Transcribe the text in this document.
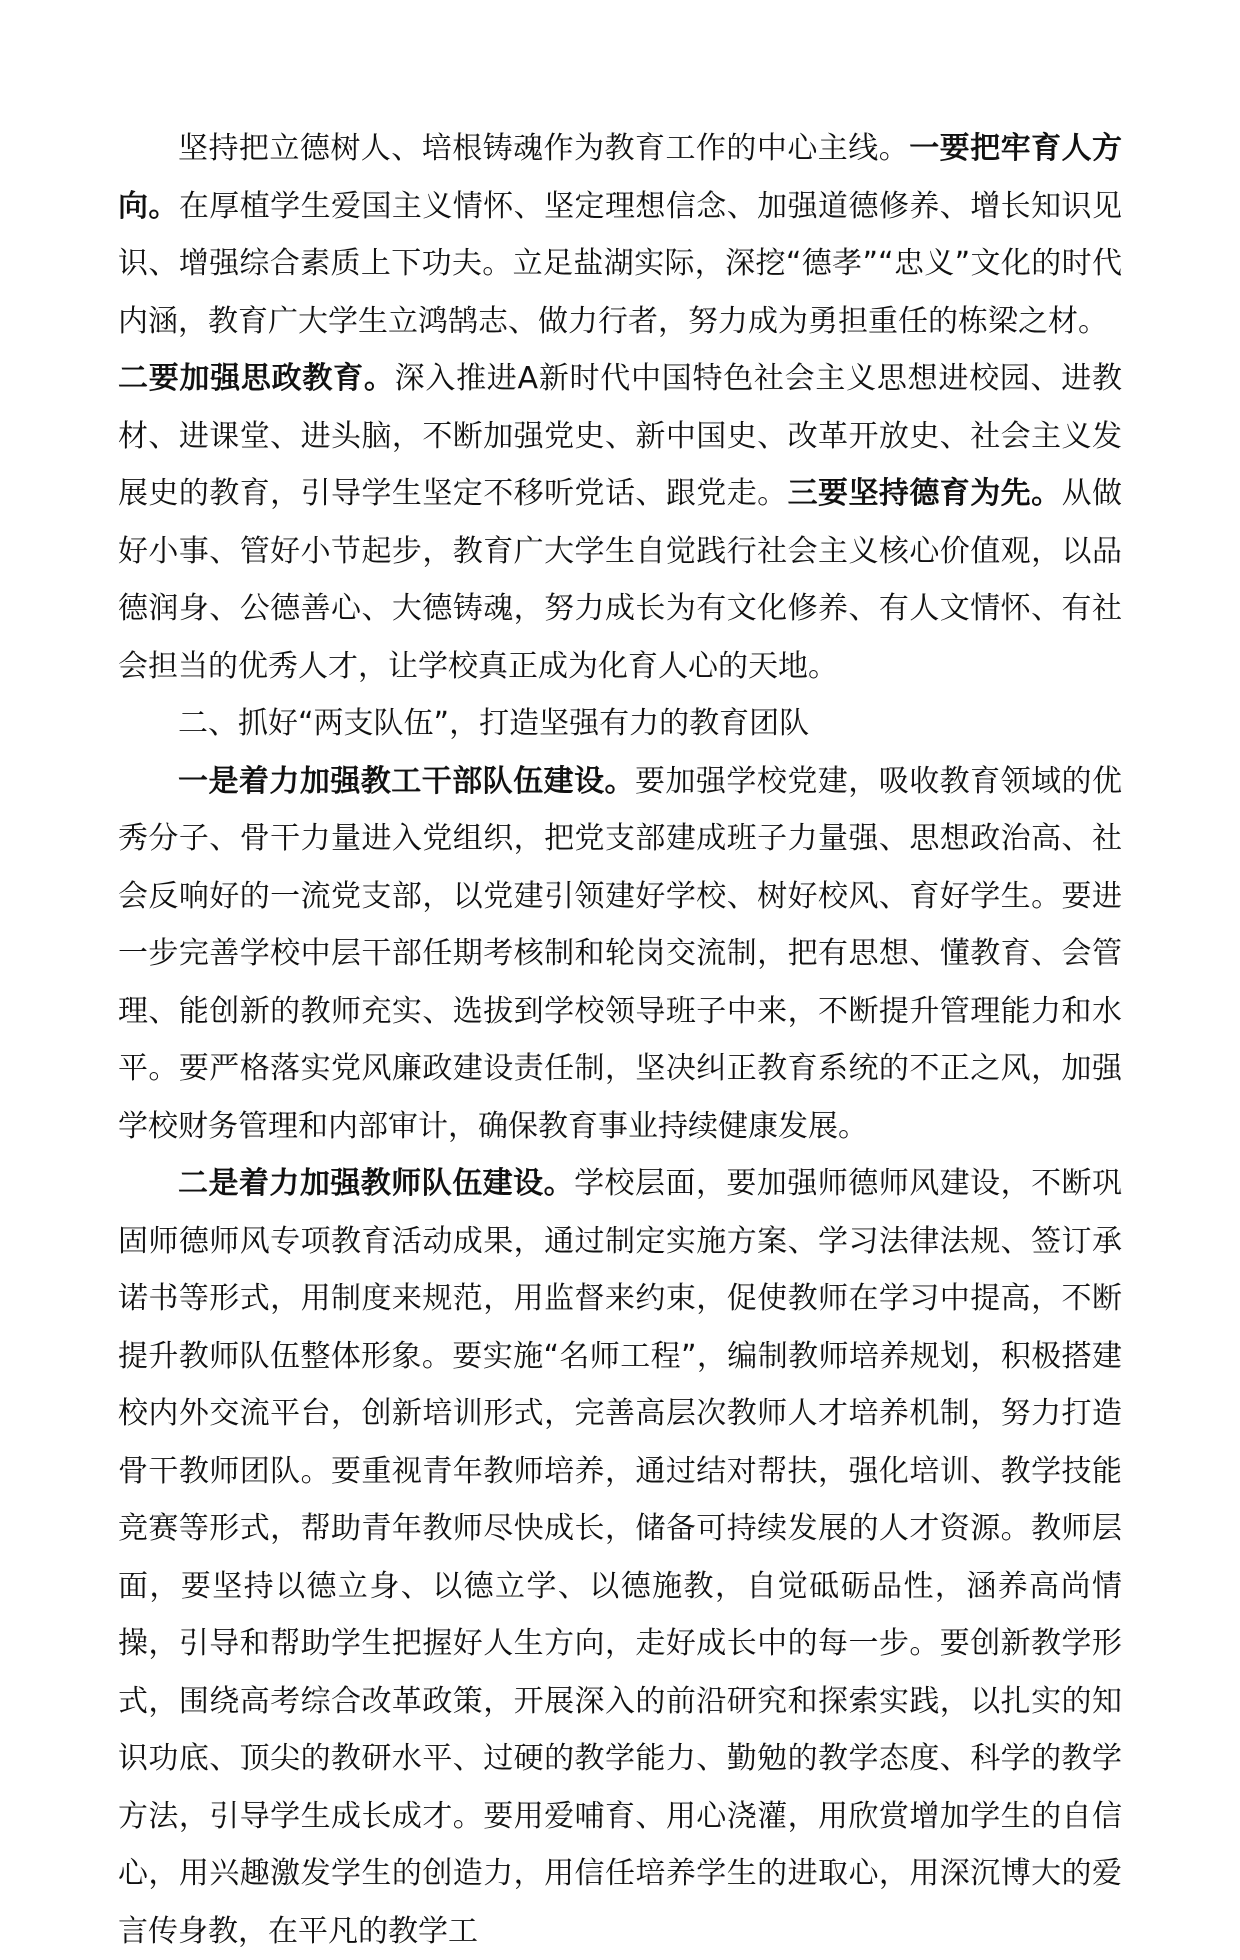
坚持把立德树人、培根铸魂作为教育工作的中心主线。一要把牢育人方向。在厚植学生爱国主义情怀、坚定理想信念、加强道德修养、增长知识见识、增强综合素质上下功夫。立足盐湖实际，深挖“德孝”“忠义”文化的时代内涵，教育广大学生立鸿鹄志、做力行者，努力成为勇担重任的栋梁之材。

二要加强思政教育。深入推进A新时代中国特色社会主义思想进校园、进教材、进课堂、进头脑，不断加强党史、新中国史、改革开放史、社会主义发展史的教育，引导学生坚定不移听党话、跟党走。三要坚持德育为先。从做好小事、管好小节起步，教育广大学生自觉践行社会主义核心价值观，以品德润身、公德善心、大德铸魂，努力成长为有文化修养、有人文情怀、有社会担当的优秀人才，让学校真正成为化育人心的天地。

二、抓好“两支队伍”，打造坚强有力的教育团队

一是着力加强教工干部队伍建设。要加强学校党建，吸收教育领域的优秀分子、骨干力量进入党组织，把党支部建成班子力量强、思想政治高、社会反响好的一流党支部，以党建引领建好学校、树好校风、育好学生。要进一步完善学校中层干部任期考核制和轮岗交流制，把有思想、懂教育、会管理、能创新的教师充实、选拔到学校领导班子中来，不断提升管理能力和水平。要严格落实党风廉政建设责任制，坚决纠正教育系统的不正之风，加强学校财务管理和内部审计，确保教育事业持续健康发展。

二是着力加强教师队伍建设。学校层面，要加强师德师风建设，不断巩固师德师风专项教育活动成果，通过制定实施方案、学习法律法规、签订承诺书等形式，用制度来规范，用监督来约束，促使教师在学习中提高，不断提升教师队伍整体形象。要实施“名师工程”，编制教师培养规划，积极搭建校内外交流平台，创新培训形式，完善高层次教师人才培养机制，努力打造骨干教师团队。要重视青年教师培养，通过结对帮扶，强化培训、教学技能竞赛等形式，帮助青年教师尽快成长，储备可持续发展的人才资源。教师层面，要坚持以德立身、以德立学、以德施教，自觉砥砺品性，涵养高尚情操，引导和帮助学生把握好人生方向，走好成长中的每一步。要创新教学形式，围绕高考综合改革政策，开展深入的前沿研究和探索实践，以扎实的知识功底、顶尖的教研水平、过硬的教学能力、勤勉的教学态度、科学的教学方法，引导学生成长成才。要用爱哺育、用心浇灌，用欣赏增加学生的自信心，用兴趣激发学生的创造力，用信任培养学生的进取心，用深沉博大的爱言传身教，在平凡的教学工
